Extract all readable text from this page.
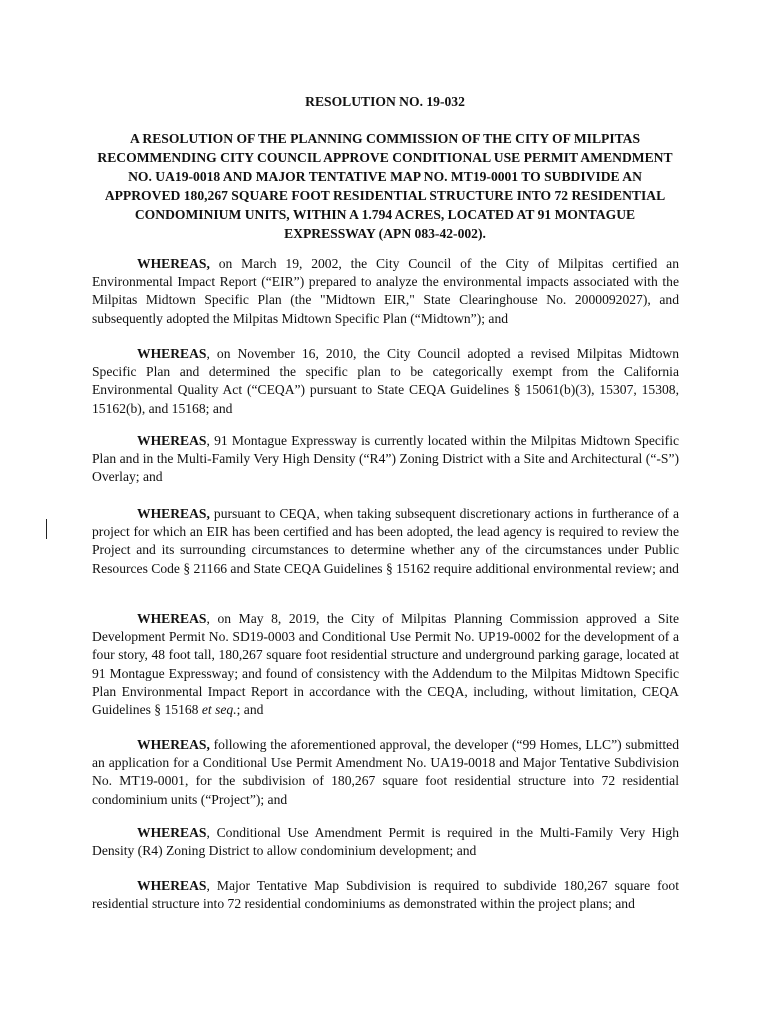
RESOLUTION NO. 19-032

A RESOLUTION OF THE PLANNING COMMISSION OF THE CITY OF MILPITAS RECOMMENDING CITY COUNCIL APPROVE CONDITIONAL USE PERMIT AMENDMENT NO. UA19-0018 AND MAJOR TENTATIVE MAP NO. MT19-0001 TO SUBDIVIDE AN APPROVED 180,267 SQUARE FOOT RESIDENTIAL STRUCTURE INTO 72 RESIDENTIAL CONDOMINIUM UNITS, WITHIN A 1.794 ACRES, LOCATED AT 91 MONTAGUE EXPRESSWAY (APN 083-42-002).

WHEREAS, on March 19, 2002, the City Council of the City of Milpitas certified an Environmental Impact Report (“EIR”) prepared to analyze the environmental impacts associated with the Milpitas Midtown Specific Plan (the "Midtown EIR," State Clearinghouse No. 2000092027), and subsequently adopted the Milpitas Midtown Specific Plan (“Midtown”); and

WHEREAS, on November 16, 2010, the City Council adopted a revised Milpitas Midtown Specific Plan and determined the specific plan to be categorically exempt from the California Environmental Quality Act (“CEQA”) pursuant to State CEQA Guidelines § 15061(b)(3), 15307, 15308, 15162(b), and 15168; and

WHEREAS, 91 Montague Expressway is currently located within the Milpitas Midtown Specific Plan and in the Multi-Family Very High Density (“R4”) Zoning District with a Site and Architectural (“-S”) Overlay; and

WHEREAS, pursuant to CEQA, when taking subsequent discretionary actions in furtherance of a project for which an EIR has been certified and has been adopted, the lead agency is required to review the Project and its surrounding circumstances to determine whether any of the circumstances under Public Resources Code § 21166 and State CEQA Guidelines § 15162 require additional environmental review; and

WHEREAS, on May 8, 2019, the City of Milpitas Planning Commission approved a Site Development Permit No. SD19-0003 and Conditional Use Permit No. UP19-0002 for the development of a four story, 48 foot tall, 180,267 square foot residential structure and underground parking garage, located at 91 Montague Expressway; and found of consistency with the Addendum to the Milpitas Midtown Specific Plan Environmental Impact Report in accordance with the CEQA, including, without limitation, CEQA Guidelines § 15168 et seq.; and

WHEREAS, following the aforementioned approval, the developer (“99 Homes, LLC”) submitted an application for a Conditional Use Permit Amendment No. UA19-0018 and Major Tentative Subdivision No. MT19-0001, for the subdivision of 180,267 square foot residential structure into 72 residential condominium units (“Project”); and

WHEREAS, Conditional Use Amendment Permit is required in the Multi-Family Very High Density (R4) Zoning District to allow condominium development; and

WHEREAS, Major Tentative Map Subdivision is required to subdivide 180,267 square foot residential structure into 72 residential condominiums as demonstrated within the project plans; and
